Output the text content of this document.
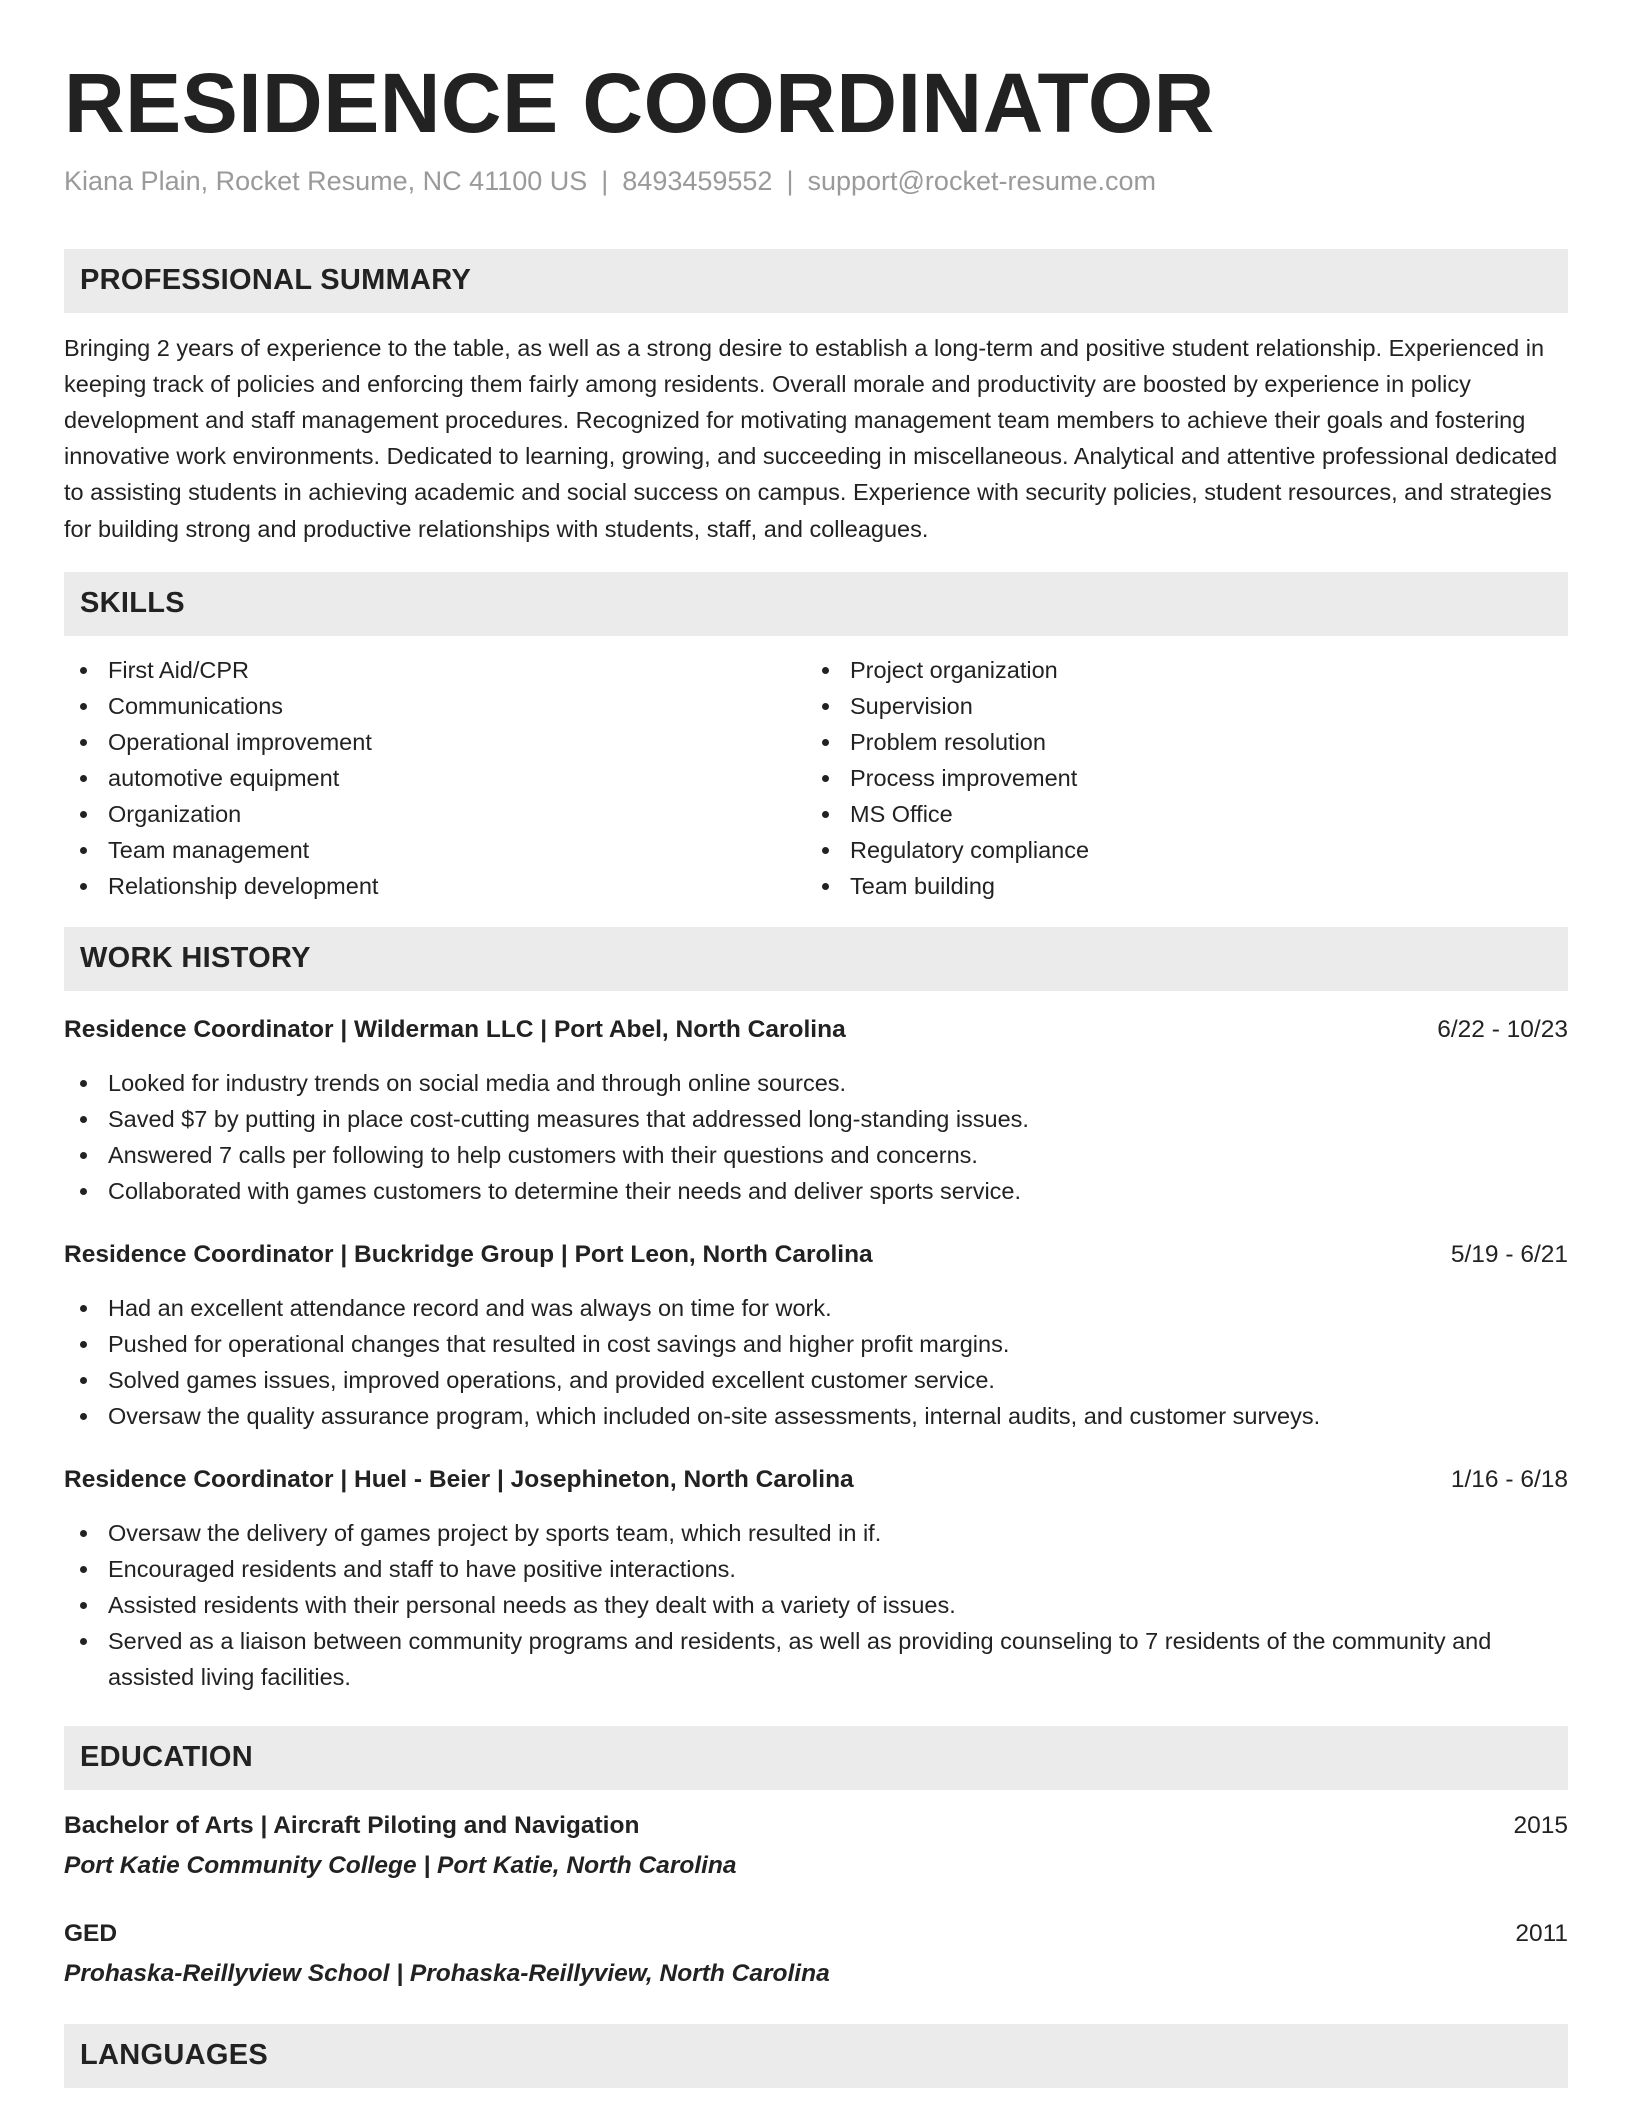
RESIDENCE COORDINATOR
Kiana Plain, Rocket Resume, NC 41100 US | 8493459552 | support@rocket-resume.com
PROFESSIONAL SUMMARY

Bringing 2 years of experience to the table, as well as a strong desire to establish a long-term and positive student relationship. Experienced in keeping track of policies and enforcing them fairly among residents. Overall morale and productivity are boosted by experience in policy development and staff management procedures. Recognized for motivating management team members to achieve their goals and fostering innovative work environments. Dedicated to learning, growing, and succeeding in miscellaneous. Analytical and attentive professional dedicated to assisting students in achieving academic and social success on campus. Experience with security policies, student resources, and strategies for building strong and productive relationships with students, staff, and colleagues.

SKILLS
First Aid/CPR
Communications
Operational improvement
automotive equipment
Organization
Team management
Relationship development
Project organization
Supervision
Problem resolution
Process improvement
MS Office
Regulatory compliance
Team building
WORK HISTORY
Residence Coordinator | Wilderman LLC | Port Abel, North Carolina	6/22 - 10/23
Looked for industry trends on social media and through online sources.
Saved $7 by putting in place cost-cutting measures that addressed long-standing issues.
Answered 7 calls per following to help customers with their questions and concerns.
Collaborated with games customers to determine their needs and deliver sports service.
Residence Coordinator | Buckridge Group | Port Leon, North Carolina	5/19 - 6/21
Had an excellent attendance record and was always on time for work.
Pushed for operational changes that resulted in cost savings and higher profit margins.
Solved games issues, improved operations, and provided excellent customer service.
Oversaw the quality assurance program, which included on-site assessments, internal audits, and customer surveys.
Residence Coordinator | Huel - Beier | Josephineton, North Carolina	1/16 - 6/18
Oversaw the delivery of games project by sports team, which resulted in if.
Encouraged residents and staff to have positive interactions.
Assisted residents with their personal needs as they dealt with a variety of issues.
Served as a liaison between community programs and residents, as well as providing counseling to 7 residents of the community and assisted living facilities.
EDUCATION
Bachelor of Arts | Aircraft Piloting and Navigation	2015
Port Katie Community College | Port Katie, North Carolina
GED	2011
Prohaska-Reillyview School | Prohaska-Reillyview, North Carolina
LANGUAGES
